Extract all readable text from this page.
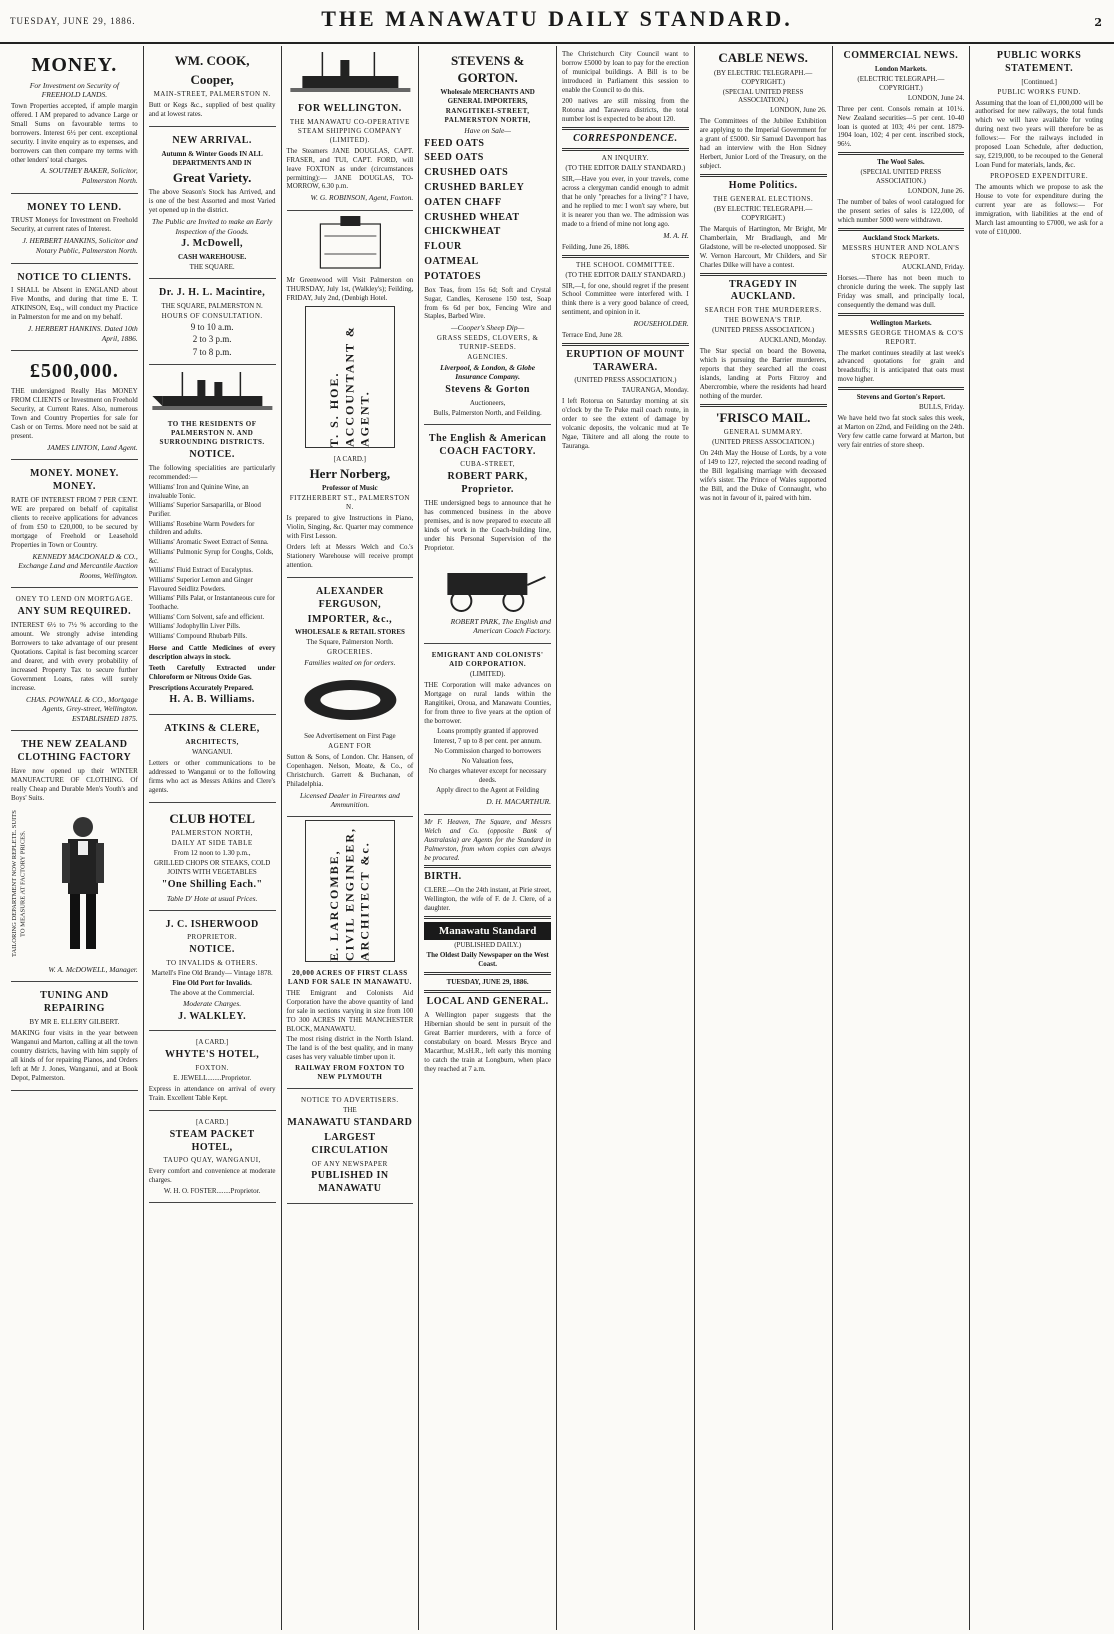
TUESDAY, JUNE 29, 1886.	THE MANAWATU DAILY STANDARD.	2
MONEY.
For Investment on Security of FREEHOLD LANDS.
Town Properties accepted, if ample margin offered. I AM prepared to advance Large or Small Sums on favourable terms to borrowers. Interest 6½ per cent. exceptional security. I invite enquiry as to expenses, and borrowers can then compare my terms with other lenders' total charges.
A. SOUTHEY BAKER, Solicitor, Palmerston North.
MONEY TO LEND.
TRUST Moneys for Investment on Freehold Security, at current rates of Interest.
J. HERBERT HANKINS, Solicitor and Notary Public, Palmerston North.
NOTICE TO CLIENTS.
I SHALL be Absent in ENGLAND about Five Months, and during that time E. T. ATKINSON, Esq., will conduct my Practice in Palmerston for me and on my behalf.
J. HERBERT HANKINS. Dated 10th April, 1886.
£500,000.
THE undersigned Really Has MONEY FROM CLIENTS or Investment on Freehold Security, at Current Rates. Also, numerous Town and Country Properties for sale for Cash or on Terms. More need not be said at present.
JAMES LINTON, Land Agent.
MONEY. MONEY. MONEY.
RATE OF INTEREST FROM 7 PER CENT. WE are prepared on behalf of capitalist clients to receive applications for advances of from £50 to £20,000, to be secured by mortgage of Freehold or Leasehold Properties in Town or Country.
KENNEDY MACDONALD & CO., Exchange Land and Mercantile Auction Rooms, Wellington.
ONEY TO LEND ON MORTGAGE.
ANY SUM REQUIRED.
INTEREST 6½ to 7½ % according to the amount. We strongly advise intending Borrowers to take advantage of our present Quotations. Capital is fast becoming scarcer and dearer, and with every probability of increased Property Tax to secure further Government Loans, rates will surely increase.
CHAS. POWNALL & CO., Mortgage Agents, Grey-street, Wellington. ESTABLISHED 1875.
THE NEW ZEALAND CLOTHING FACTORY
Have now opened up their WINTER MANUFACTURE OF CLOTHING. Of really Cheap and Durable Men's Youth's and Boys' Suits.
TAILORING DEPARTMENT NOW REPLETE. SUITS TO MEASURE AT FACTORY PRICES.
W. A. McDOWELL, Manager.
TUNING AND REPAIRING
BY MR E. ELLERY GILBERT.
MAKING four visits in the year between Wanganui and Marton, calling at all the town country districts, having with him supply of all kinds of for repairing Pianos, and Orders left at Mr J. Jones, Wanganui, and at Book Depot, Palmerston.
WM. COOK,
Cooper,
MAIN-STREET, PALMERSTON N.
Butt or Kegs &c., supplied of best quality and at lowest rates.
NEW ARRIVAL.
Autumn & Winter Goods IN ALL DEPARTMENTS AND IN
Great Variety.
The above Season's Stock has Arrived, and is one of the best Assorted and most Varied yet opened up in the district.
The Public are Invited to make an Early Inspection of the Goods.
J. McDowell,
CASH WAREHOUSE.
THE SQUARE.
Dr. J. H. L. Macintire,
THE SQUARE, PALMERSTON N.
HOURS OF CONSULTATION.
9 to 10 a.m.
2 to 3 p.m.
7 to 8 p.m.
TO THE RESIDENTS OF PALMERSTON N. AND SURROUNDING DISTRICTS.
NOTICE.
The following specialities are particularly recommended:—
Williams' Iron and Quinine Wine, an invaluable Tonic.
Williams' Superior Sarsaparilla, or Blood Purifier.
Williams' Rosebine Warm Powders for children and adults.
Williams' Aromatic Sweet Extract of Senna.
Williams' Pulmonic Syrup for Coughs, Colds, &c.
Williams' Fluid Extract of Eucalyptus.
Williams' Superior Lemon and Ginger Flavoured Seidlitz Powders.
Williams' Pills Palat, or Instantaneous cure for Toothache.
Williams' Corn Solvent, safe and efficient.
Williams' Jodophyllin Liver Pills.
Williams' Compound Rhubarb Pills.
Horse and Cattle Medicines of every description always in stock.
Teeth Carefully Extracted under Chloroform or Nitrous Oxide Gas.
Prescriptions Accurately Prepared.
H. A. B. Williams.
ATKINS & CLERE,
ARCHITECTS,
WANGANUI.
Letters or other communications to be addressed to Wanganui or to the following firms who act as Messrs Atkins and Clere's agents.
CLUB HOTEL
PALMERSTON NORTH,
DAILY AT SIDE TABLE
From 12 noon to 1.30 p.m.,
GRILLED CHOPS OR STEAKS, COLD JOINTS WITH VEGETABLES
"One Shilling Each."
Table D' Hote at usual Prices.
J. C. ISHERWOOD
PROPRIETOR.
NOTICE.
TO INVALIDS & OTHERS.
Martell's Fine Old Brandy— Vintage 1878.
Fine Old Port for Invalids.
The above at the Commercial.
Moderate Charges.
J. WALKLEY.
[A CARD.]
WHYTE'S HOTEL,
FOXTON.
E. JEWELL........Proprietor.
Express in attendance on arrival of every Train. Excellent Table Kept.
[A CARD.]
STEAM PACKET HOTEL,
TAUPO QUAY, WANGANUI,
Every comfort and convenience at moderate charges.
W. H. O. FOSTER........Proprietor.
FOR WELLINGTON.
THE MANAWATU CO-OPERATIVE STEAM SHIPPING COMPANY (LIMITED).
The Steamers JANE DOUGLAS, CAPT. FRASER, and TUI, CAPT. FORD, will leave FOXTON as under (circumstances permitting):— JANE DOUGLAS, TO-MORROW, 6.30 p.m.
W. G. ROBINSON, Agent, Foxton.
Mr Greenwood will Visit Palmerston on THURSDAY, July 1st, (Walkley's); Feilding, FRIDAY, July 2nd, (Denbigh Hotel.
T. S. HOE. ACCOUNTANT & AGENT.
[A CARD.]
Herr Norberg,
Professor of Music
FITZHERBERT ST., PALMERSTON N.
Is prepared to give Instructions in Piano, Violin, Singing, &c. Quarter may commence with First Lesson.
Orders left at Messrs Welch and Co.'s Stationery Warehouse will receive prompt attention.
ALEXANDER FERGUSON,
IMPORTER, &c.,
WHOLESALE & RETAIL STORES
The Square, Palmerston North.
GROCERIES.
Families waited on for orders.
See Advertisement on First Page
AGENT FOR
Sutton & Sons, of London. Chr. Hansen, of Copenhagen. Nelson, Moate, & Co., of Christchurch. Garrett & Buchanan, of Philadelphia.
Licensed Dealer in Firearms and Ammunition.
E. LARCOMBE, CIVIL ENGINEER, ARCHITECT &c.
20,000 ACRES OF FIRST CLASS LAND FOR SALE IN MANAWATU.
THE Emigrant and Colonists Aid Corporation have the above quantity of land for sale in sections varying in size from 100 TO 300 ACRES IN THE MANCHESTER BLOCK, MANAWATU.
The most rising district in the North Island. The land is of the best quality, and in many cases has very valuable timber upon it.
RAILWAY FROM FOXTON TO NEW PLYMOUTH
NOTICE TO ADVERTISERS.
THE
MANAWATU STANDARD
LARGEST CIRCULATION
OF ANY NEWSPAPER
PUBLISHED IN MANAWATU
STEVENS & GORTON.
Wholesale MERCHANTS AND GENERAL IMPORTERS,
RANGITIKEI-STREET, PALMERSTON NORTH,
Have on Sale—
FEED OATS
SEED OATS
CRUSHED OATS
CRUSHED BARLEY
OATEN CHAFF
CRUSHED WHEAT
CHICKWHEAT
FLOUR
OATMEAL
POTATOES
Box Teas, from 15s 6d; Soft and Crystal Sugar, Candles, Kerosene 150 test, Soap from 6s 6d per box, Fencing Wire and Staples, Barbed Wire.
—Cooper's Sheep Dip—
GRASS SEEDS, CLOVERS, & TURNIP-SEEDS.
AGENCIES.
Liverpool, & London, & Globe Insurance Company.
Stevens & Gorton
Auctioneers,
Bulls, Palmerston North, and Feilding.
The English & American COACH FACTORY.
CUBA-STREET,
ROBERT PARK, Proprietor.
THE undersigned begs to announce that he has commenced business in the above premises, and is now prepared to execute all kinds of work in the Coach-building line, under his Personal Supervision of the Proprietor.
ROBERT PARK, The English and American Coach Factory.
EMIGRANT AND COLONISTS' AID CORPORATION.
(LIMITED).
THE Corporation will make advances on Mortgage on rural lands within the Rangitikei, Oroua, and Manawatu Counties, for from three to five years at the option of the borrower.
Loans promptly granted if approved
Interest, 7 up to 8 per cent. per annum.
No Commission charged to borrowers
No Valuation fees,
No charges whatever except for necessary deeds.
Apply direct to the Agent at Feilding
D. H. MACARTHUR.
Mr F. Heaven, The Square, and Messrs Welch and Co. (opposite Bank of Australasia) are Agents for the Standard in Palmerston, from whom copies can always be procured.
BIRTH.
CLERE.—On the 24th instant, at Pirie street, Wellington, the wife of F. de J. Clere, of a daughter.
Manawatu Standard
(PUBLISHED DAILY.)
The Oldest Daily Newspaper on the West Coast.
TUESDAY, JUNE 29, 1886.
LOCAL AND GENERAL.
A Wellington paper suggests that the Hibernian should be sent in pursuit of the Great Barrier murderers, with a force of constabulary on board. Messrs Bryce and Macarthur, M.sH.R., left early this morning to catch the train at Longburn, when place they reached at 7 a.m.
The Christchurch City Council want to borrow £5000 by loan to pay for the erection of municipal buildings. A Bill is to be introduced in Parliament this session to enable the Council to do this.
200 natives are still missing from the Rotorua and Tarawera districts, the total number lost is expected to be about 120.
CORRESPONDENCE.
AN INQUIRY.
(TO THE EDITOR DAILY STANDARD.)
SIR,—Have you ever, in your travels, come across a clergyman candid enough to admit that he only "preaches for a living"? I have, and he replied to me: I won't say where, but it is nearer you than we. The admission was made to a friend of mine not long ago.
M. A. H.
Feilding, June 26, 1886.
THE SCHOOL COMMITTEE.
(TO THE EDITOR DAILY STANDARD.)
SIR,—I, for one, should regret if the present School Committee were interfered with. I think there is a very good balance of creed, sentiment, and opinion in it.
ROUSEHOLDER.
Terrace End, June 28.
ERUPTION OF MOUNT TARAWERA.
(UNITED PRESS ASSOCIATION.)
TAURANGA, Monday.
I left Rotorua on Saturday morning at six o'clock by the Te Puke mail coach route, in order to see the extent of damage by volcanic deposits, the volcanic mud at Te Ngae, Tikitere and all along the route to Tauranga.
CABLE NEWS.
(BY ELECTRIC TELEGRAPH.—COPYRIGHT.)
(SPECIAL UNITED PRESS ASSOCIATION.)
LONDON, June 26.
The Committees of the Jubilee Exhibition are applying to the Imperial Government for a grant of £5000. Sir Samuel Davenport has had an interview with the Hon Sidney Herbert, Junior Lord of the Treasury, on the subject.
Home Politics.
THE GENERAL ELECTIONS.
(BY ELECTRIC TELEGRAPH.—COPYRIGHT.)
The Marquis of Hartington, Mr Bright, Mr Chamberlain, Mr Bradlaugh, and Mr Gladstone, will be re-elected unopposed. Sir W. Vernon Harcourt, Mr Childers, and Sir Charles Dilke will have a contest.
TRAGEDY IN AUCKLAND.
SEARCH FOR THE MURDERERS.
THE BOWENA'S TRIP.
(UNITED PRESS ASSOCIATION.)
AUCKLAND, Monday.
The Star special on board the Bowena, which is pursuing the Barrier murderers, reports that they searched all the coast islands, landing at Ports Fitzroy and Abercrombie, where the residents had heard nothing of the murder.
'FRISCO MAIL.
GENERAL SUMMARY.
(UNITED PRESS ASSOCIATION.)
On 24th May the House of Lords, by a vote of 149 to 127, rejected the second reading of the Bill legalising marriage with deceased wife's sister. The Prince of Wales supported the Bill, and the Duke of Connaught, who was not in favour of it, paired with him.
COMMERCIAL NEWS.
London Markets.
(ELECTRIC TELEGRAPH.—COPYRIGHT.)
LONDON, June 24.
Three per cent. Consols remain at 101¼. New Zealand securities—5 per cent. 10-40 loan is quoted at 103; 4½ per cent. 1879-1904 loan, 102; 4 per cent. inscribed stock, 96½.
The Wool Sales.
(SPECIAL UNITED PRESS ASSOCIATION.)
LONDON, June 26.
The number of bales of wool catalogued for the present series of sales is 122,000, of which number 5000 were withdrawn.
Auckland Stock Markets.
MESSRS HUNTER AND NOLAN'S STOCK REPORT.
AUCKLAND, Friday.
Horses.—There has not been much to chronicle during the week. The supply last Friday was small, and principally local, consequently the demand was dull.
Wellington Markets.
MESSRS GEORGE THOMAS & CO'S REPORT.
The market continues steadily at last week's advanced quotations for grain and breadstuffs; it is anticipated that oats must move higher.
Stevens and Gorton's Report.
BULLS, Friday.
We have held two fat stock sales this week, at Marton on 22nd, and Feilding on the 24th. Very few cattle came forward at Marton, but very fair entries of store sheep.
PUBLIC WORKS STATEMENT.
[Continued.]
PUBLIC WORKS FUND.
Assuming that the loan of £1,000,000 will be authorised for new railways, the total funds which we will have available for voting during next two years will therefore be as follows:— For the railways included in proposed Loan Schedule, after deduction, say, £219,000, to be recouped to the General Loan Fund for materials, lands, &c.
PROPOSED EXPENDITURE.
The amounts which we propose to ask the House to vote for expenditure during the current year are as follows:— For immigration, with liabilities at the end of March last amounting to £7000, we ask for a vote of £10,000.
